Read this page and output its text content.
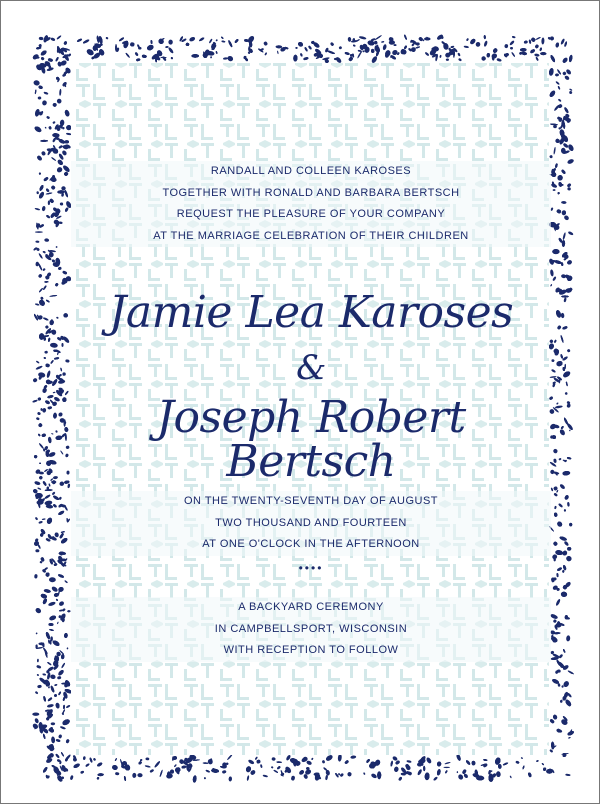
RANDALL AND COLLEEN KAROSES
TOGETHER WITH RONALD AND BARBARA BERTSCH
REQUEST THE PLEASURE OF YOUR COMPANY
AT THE MARRIAGE CELEBRATION OF THEIR CHILDREN
Jamie Lea Karoses
&
Joseph Robert Bertsch
ON THE TWENTY-SEVENTH DAY OF AUGUST
TWO THOUSAND AND FOURTEEN
AT ONE O'CLOCK IN THE AFTERNOON
••••
A BACKYARD CEREMONY
IN CAMPBELLSPORT, WISCONSIN
WITH RECEPTION TO FOLLOW
